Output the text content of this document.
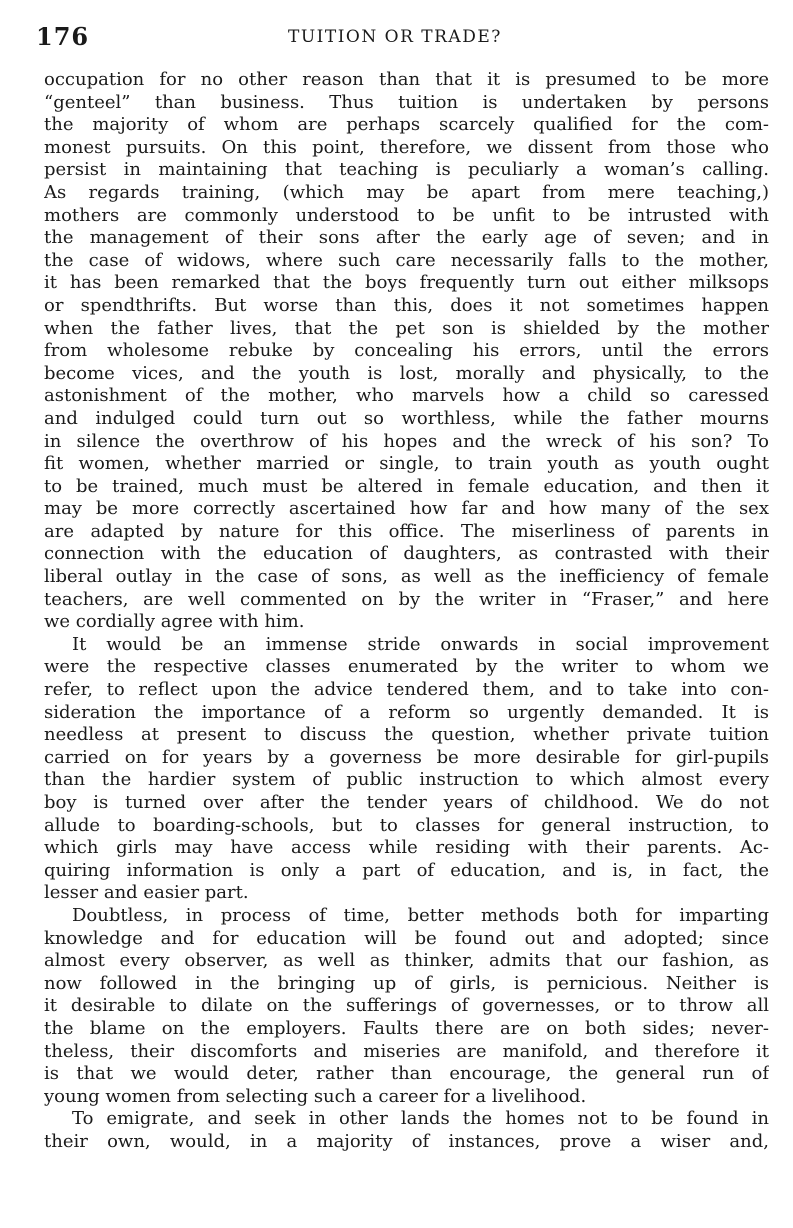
176	TUITION OR TRADE?
occupation for no other reason than that it is presumed to be more
“genteel” than business. Thus tuition is undertaken by persons
the majority of whom are perhaps scarcely qualified for the com-
monest pursuits. On this point, therefore, we dissent from those who
persist in maintaining that teaching is peculiarly a woman’s calling.
As regards training, (which may be apart from mere teaching,)
mothers are commonly understood to be unfit to be intrusted with
the management of their sons after the early age of seven; and in
the case of widows, where such care necessarily falls to the mother,
it has been remarked that the boys frequently turn out either milksops
or spendthrifts. But worse than this, does it not sometimes happen
when the father lives, that the pet son is shielded by the mother
from wholesome rebuke by concealing his errors, until the errors
become vices, and the youth is lost, morally and physically, to the
astonishment of the mother, who marvels how a child so caressed
and indulged could turn out so worthless, while the father mourns
in silence the overthrow of his hopes and the wreck of his son? To
fit women, whether married or single, to train youth as youth ought
to be trained, much must be altered in female education, and then it
may be more correctly ascertained how far and how many of the sex
are adapted by nature for this office. The miserliness of parents in
connection with the education of daughters, as contrasted with their
liberal outlay in the case of sons, as well as the inefficiency of female
teachers, are well commented on by the writer in “Fraser,” and here
we cordially agree with him.
It would be an immense stride onwards in social improvement
were the respective classes enumerated by the writer to whom we
refer, to reflect upon the advice tendered them, and to take into con-
sideration the importance of a reform so urgently demanded. It is
needless at present to discuss the question, whether private tuition
carried on for years by a governess be more desirable for girl-pupils
than the hardier system of public instruction to which almost every
boy is turned over after the tender years of childhood. We do not
allude to boarding-schools, but to classes for general instruction, to
which girls may have access while residing with their parents. Ac-
quiring information is only a part of education, and is, in fact, the
lesser and easier part.
Doubtless, in process of time, better methods both for imparting
knowledge and for education will be found out and adopted; since
almost every observer, as well as thinker, admits that our fashion, as
now followed in the bringing up of girls, is pernicious. Neither is
it desirable to dilate on the sufferings of governesses, or to throw all
the blame on the employers. Faults there are on both sides; never-
theless, their discomforts and miseries are manifold, and therefore it
is that we would deter, rather than encourage, the general run of
young women from selecting such a career for a livelihood.
To emigrate, and seek in other lands the homes not to be found in
their own, would, in a majority of instances, prove a wiser and,
